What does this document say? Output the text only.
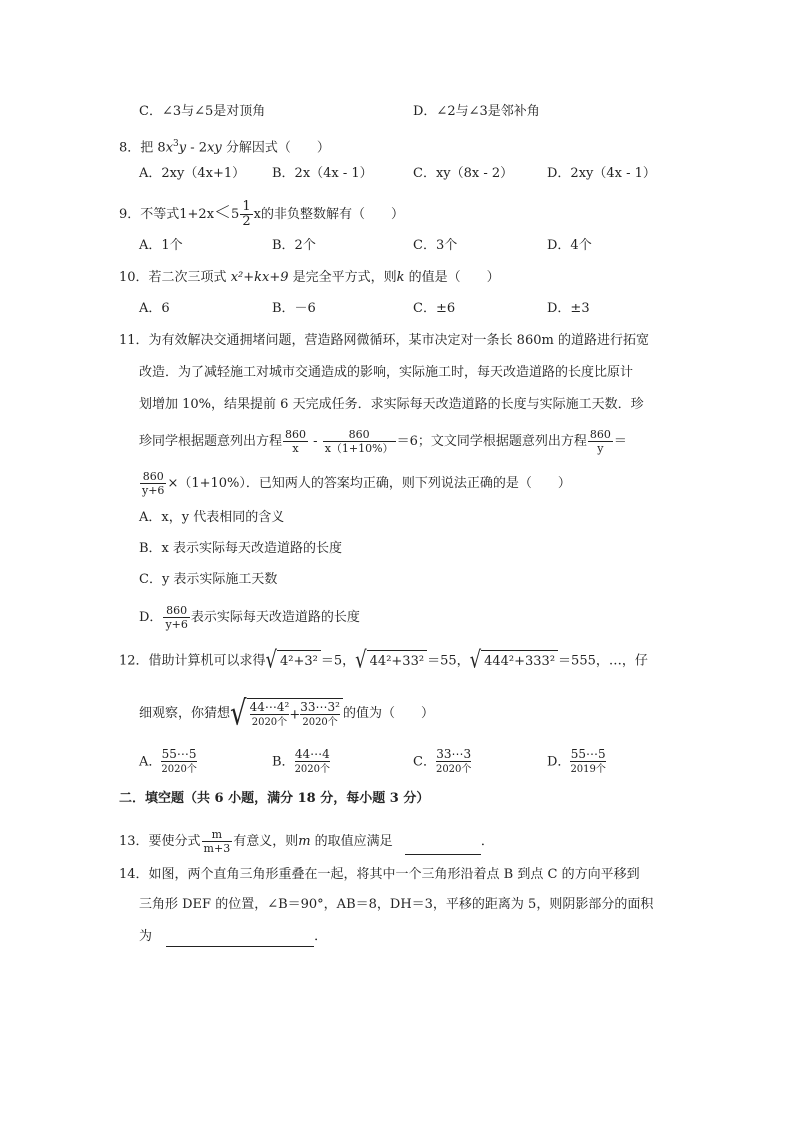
C．∠3与∠5是对顶角	D．∠2与∠3是邻补角
8．把 $8x^3y - 2xy$ 分解因式（　　）
A．2xy（4x+1） B．2x（4x - 1）	C．xy（8x - 2）	D．2xy（4x - 1）
9．不等式$1+2x<5 \frac{1}{2}$ x的非负整数解有（　　）
A．1个	B．2个	C．3个	D．4个
10．若二次三项式 x²+kx+9 是完全平方式，则k 的值是（　　）
A．6	B．－6	C．±6	D．±3
11．为有效解决交通拥堵问题，营造路网微循环，某市决定对一条长 860m 的道路进行拓宽
改造．为了减轻施工对城市交通造成的影响，实际施工时，每天改造道路的长度比原计
划增加 10%，结果提前 6 天完成任务．求实际每天改造道路的长度与实际施工天数．珍
珍同学根据题意列出方程 $\frac{860}{x} - \frac{860}{x(1+10\%)} =6$；文文同学根据题意列出方程 $\frac{860}{y}$ ＝
$\frac{860}{y+6} \times(1+10\%)$．已知两人的答案均正确，则下列说法正确的是（　　）
A．x，y 代表相同的含义
B．x 表示实际每天改造道路的长度
C．y 表示实际施工天数
D． $\frac{860}{y+6}$ 表示实际每天改造道路的长度
12．借助计算机可以求得√ 4²+3² ＝5，√ 44²+33² ＝55，√ 444²+333² ＝555，…，仔
细观察，你猜想√ 44⋯4²
2020个 +
33⋯3²
2020个
的值为（　　）
A．
55⋯5
2020个	B．
44⋯4
2020个	C．
33⋯3
2020个	D．
55⋯5
2019个
二．填空题（共 6 小题，满分 18 分，每小题 3 分）
13．要使分式 $\frac{m}{m+3}$ 有意义，则m 的取值应满足	．
14．如图，两个直角三角形重叠在一起，将其中一个三角形沿着点 B 到点 C 的方向平移到
三角形 DEF 的位置，∠B＝90°，AB＝8，DH＝3，平移的距离为 5，则阴影部分的面积
为	．
